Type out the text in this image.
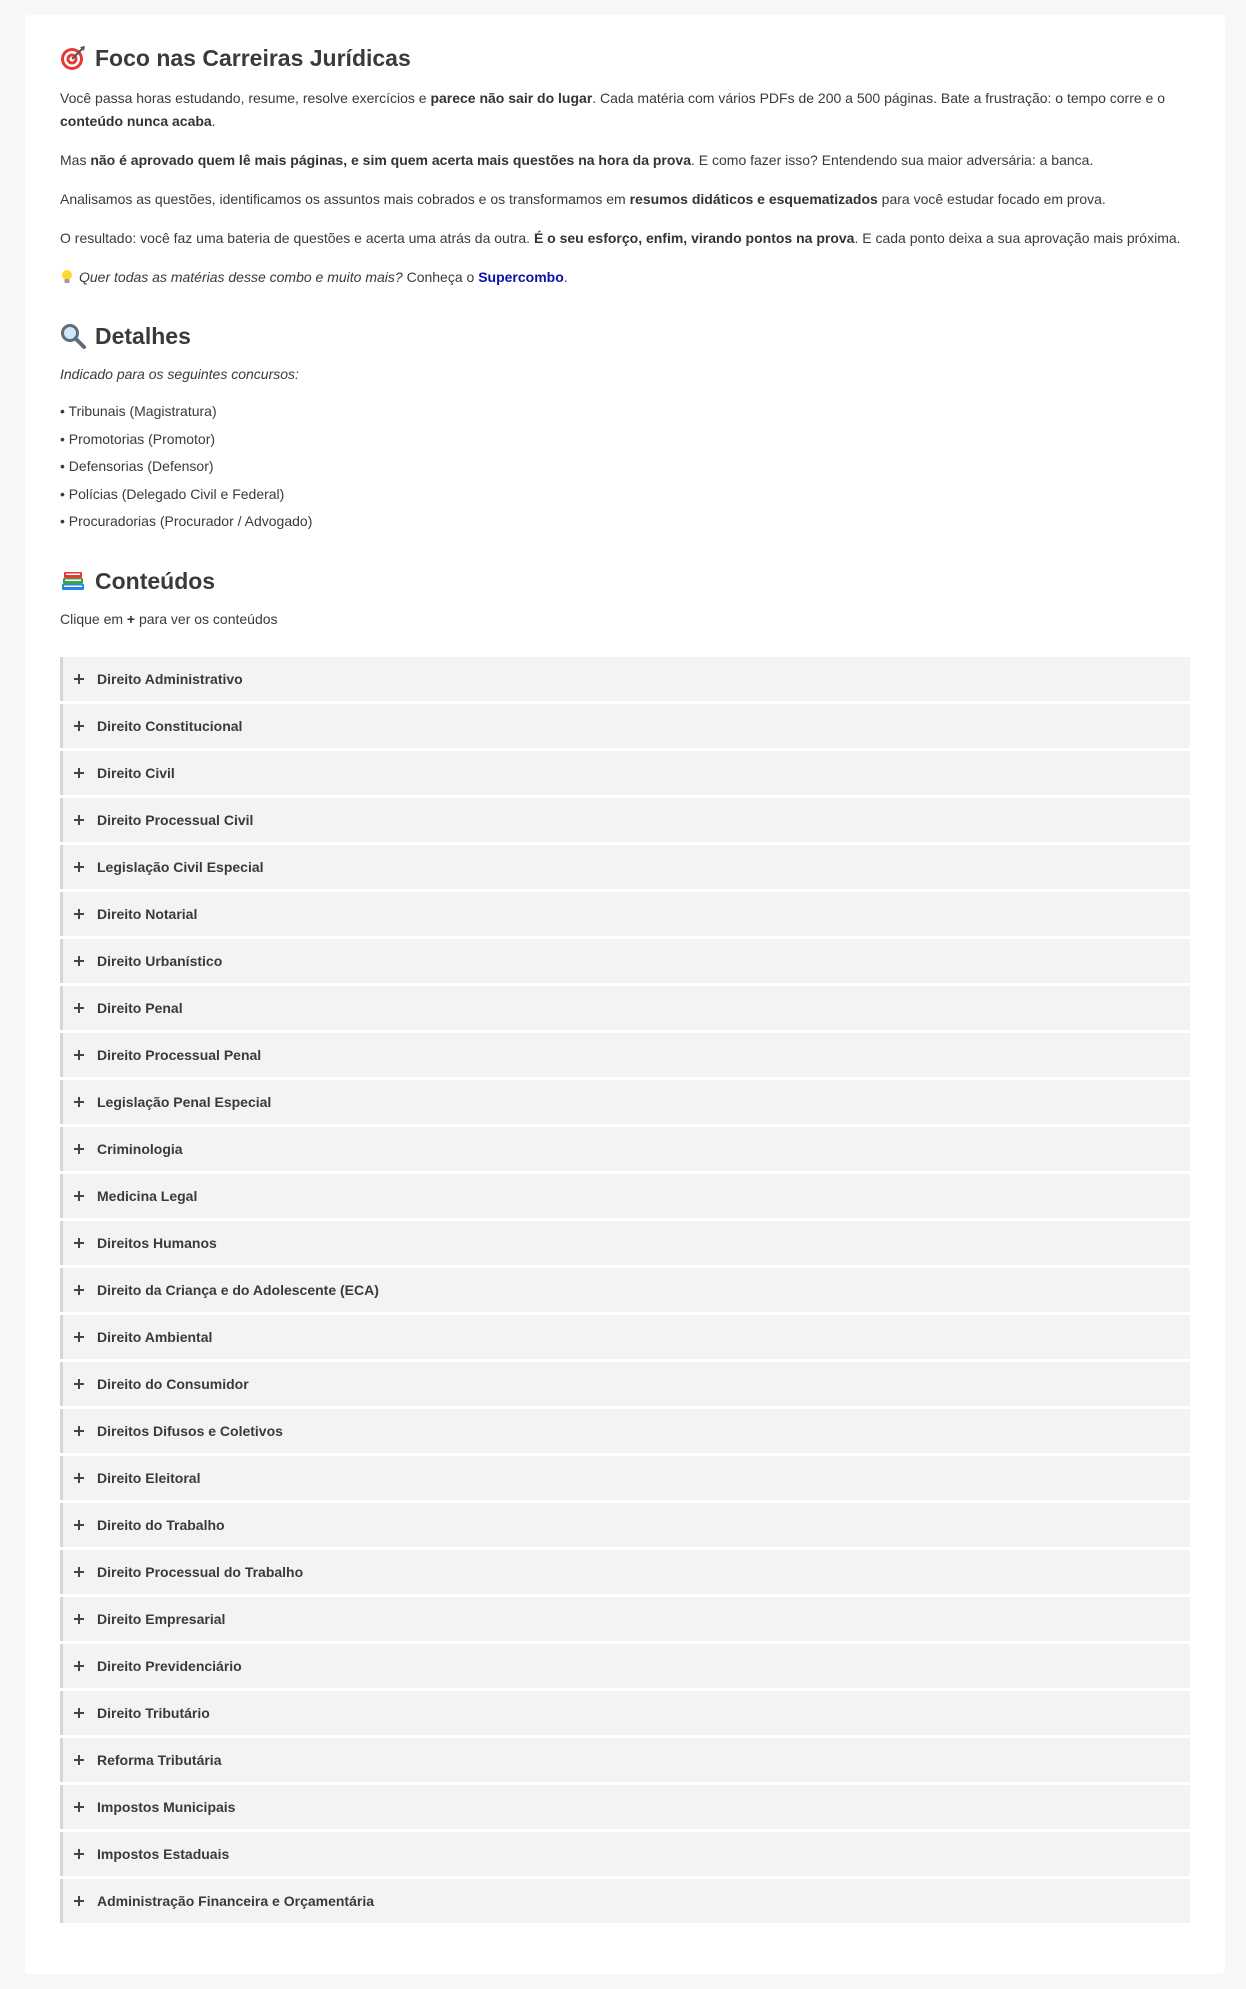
Foco nas Carreiras Jurídicas

Você passa horas estudando, resume, resolve exercícios e parece não sair do lugar. Cada matéria com vários PDFs de 200 a 500 páginas. Bate a frustração: o tempo corre e o conteúdo nunca acaba.

Mas não é aprovado quem lê mais páginas, e sim quem acerta mais questões na hora da prova. E como fazer isso? Entendendo sua maior adversária: a banca.

Analisamos as questões, identificamos os assuntos mais cobrados e os transformamos em resumos didáticos e esquematizados para você estudar focado em prova.

O resultado: você faz uma bateria de questões e acerta uma atrás da outra. É o seu esforço, enfim, virando pontos na prova. E cada ponto deixa a sua aprovação mais próxima.

Quer todas as matérias desse combo e muito mais? Conheça o Supercombo.

Detalhes

Indicado para os seguintes concursos:

• Tribunais (Magistratura)
• Promotorias (Promotor)
• Defensorias (Defensor)
• Polícias (Delegado Civil e Federal)
• Procuradorias (Procurador / Advogado)
Conteúdos

Clique em + para ver os conteúdos

Direito Administrativo
Direito Constitucional
Direito Civil
Direito Processual Civil
Legislação Civil Especial
Direito Notarial
Direito Urbanístico
Direito Penal
Direito Processual Penal
Legislação Penal Especial
Criminologia
Medicina Legal
Direitos Humanos
Direito da Criança e do Adolescente (ECA)
Direito Ambiental
Direito do Consumidor
Direitos Difusos e Coletivos
Direito Eleitoral
Direito do Trabalho
Direito Processual do Trabalho
Direito Empresarial
Direito Previdenciário
Direito Tributário
Reforma Tributária
Impostos Municipais
Impostos Estaduais
Administração Financeira e Orçamentária
